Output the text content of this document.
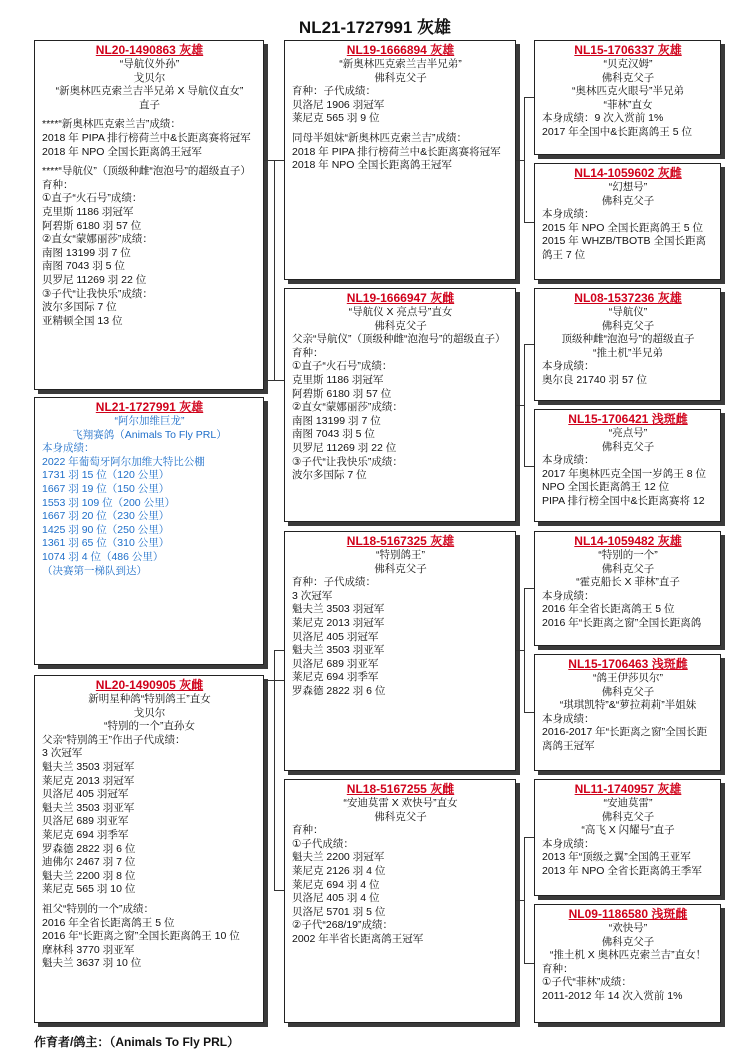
NL21-1727991 灰雄
NL20-1490863 灰雄
“导航仪外孙”
戈贝尔
“新奥林匹克索兰吉半兄弟 X 导航仪直女”
直子
****“新奥林匹克索兰吉”成绩：
2018 年 PIPA 排行榜荷兰中&长距离赛将冠军
2018 年 NPO 全国长距离鸽王冠军
****“导航仪”（顶级种雌“泡泡号”的超级直子）
育种：
①直子“火石号”成绩：
克里斯 1186 羽冠军
阿碧斯 6180 羽 57 位
②直女“蒙娜丽莎”成绩：
南图 13199 羽 7 位
南图 7043 羽 5 位
贝罗尼 11269 羽 22 位
③子代“让我快乐”成绩：
波尔多国际 7 位
亚精顿全国 13 位
NL21-1727991 灰雄
“阿尔加维巨龙”
飞翔赛鸽（Animals To Fly PRL）
本身成绩：
2022 年葡萄牙阿尔加维大特比公棚
1731 羽 15 位（120 公里）
1667 羽 19 位（150 公里）
1553 羽 109 位（200 公里）
1667 羽 20 位（230 公里）
1425 羽 90 位（250 公里）
1361 羽 65 位（310 公里）
1074 羽 4 位（486 公里）
（决赛第一梯队到达）
NL20-1490905 灰雌
新明星种鸽“特别鸽王”直女
戈贝尔
“特别的一个”直孙女
父亲“特别鸽王”作出子代成绩：
3 次冠军
魁夫兰 3503 羽冠军
莱尼克 2013 羽冠军
贝洛尼 405 羽冠军
魁夫兰 3503 羽亚军
贝洛尼 689 羽亚军
莱尼克 694 羽季军
罗森德 2822 羽 6 位
迪佛尔 2467 羽 7 位
魁夫兰 2200 羽 8 位
莱尼克 565 羽 10 位
祖父“特别的一个”成绩：
2016 年全省长距离鸽王 5 位
2016 年“长距离之窗”全国长距离鸽王 10 位
摩林科 3770 羽亚军
魁夫兰 3637 羽 10 位
NL19-1666894 灰雄
“新奥林匹克索兰吉半兄弟”
佛科克父子
育种：子代成绩：
贝洛尼 1906 羽冠军
莱尼克 565 羽 9 位
同母半姐妹“新奥林匹克索兰吉”成绩：
2018 年 PIPA 排行榜荷兰中&长距离赛将冠军
2018 年 NPO 全国长距离鸽王冠军
NL19-1666947 灰雌
“导航仪 X 亮点号”直女
佛科克父子
父亲“导航仪”（顶级种雌“泡泡号”的超级直子）
育种：
①直子“火石号”成绩：
克里斯 1186 羽冠军
阿碧斯 6180 羽 57 位
②直女“蒙娜丽莎”成绩：
南图 13199 羽 7 位
南图 7043 羽 5 位
贝罗尼 11269 羽 22 位
③子代“让我快乐”成绩：
波尔多国际 7 位
NL18-5167325 灰雄
“特别鸽王”
佛科克父子
育种：子代成绩：
3 次冠军
魁夫兰 3503 羽冠军
莱尼克 2013 羽冠军
贝洛尼 405 羽冠军
魁夫兰 3503 羽亚军
贝洛尼 689 羽亚军
莱尼克 694 羽季军
罗森德 2822 羽 6 位
NL18-5167255 灰雌
“安迪莫雷 X 欢快号”直女
佛科克父子
育种：
①子代成绩：
魁夫兰 2200 羽冠军
莱尼克 2126 羽 4 位
莱尼克 694 羽 4 位
贝洛尼 405 羽 4 位
贝洛尼 5701 羽 5 位
②子代“268/19”成绩：
2002 年半省长距离鸽王冠军
NL15-1706337 灰雄
“贝克汉姆”
佛科克父子
“奥林匹克火眼号”半兄弟
“菲林”直女
本身成绩：9 次入赏前 1%
2017 年全国中&长距离鸽王 5 位
NL14-1059602 灰雌
“幻想号”
佛科克父子
本身成绩：
2015 年 NPO 全国长距离鸽王 5 位
2015 年 WHZB/TBOTB 全国长距离鸽王 7 位
NL08-1537236 灰雄
“导航仪”
佛科克父子
顶级种雌“泡泡号”的超级直子
“推土机”半兄弟
本身成绩：
奥尔良 21740 羽 57 位
NL15-1706421 浅斑雌
“亮点号”
佛科克父子
本身成绩：
2017 年奥林匹克全国一岁鸽王 8 位
NPO 全国长距离鸽王 12 位
PIPA 排行榜全国中&长距离赛将 12
NL14-1059482 灰雄
“特别的一个”
佛科克父子
“霍克船长 X 菲林”直子
本身成绩：
2016 年全省长距离鸽王 5 位
2016 年“长距离之窗”全国长距离鸽
NL15-1706463 浅斑雌
“鸽王伊莎贝尔”
佛科克父子
“琪琪凯特”&“萝拉莉莉”半姐妹
本身成绩：
2016-2017 年“长距离之窗”全国长距离鸽王冠军
NL11-1740957 灰雄
“安迪莫雷”
佛科克父子
“高飞 X 闪耀号”直子
本身成绩：
2013 年“顶级之翼”全国鸽王亚军
2013 年 NPO 全省长距离鸽王季军
NL09-1186580 浅斑雌
“欢快号”
佛科克父子
“推土机 X 奥林匹克索兰吉”直女！
育种：
①子代“菲林”成绩：
2011-2012 年 14 次入赏前 1%
作育者/鸽主：（Animals To Fly PRL）
